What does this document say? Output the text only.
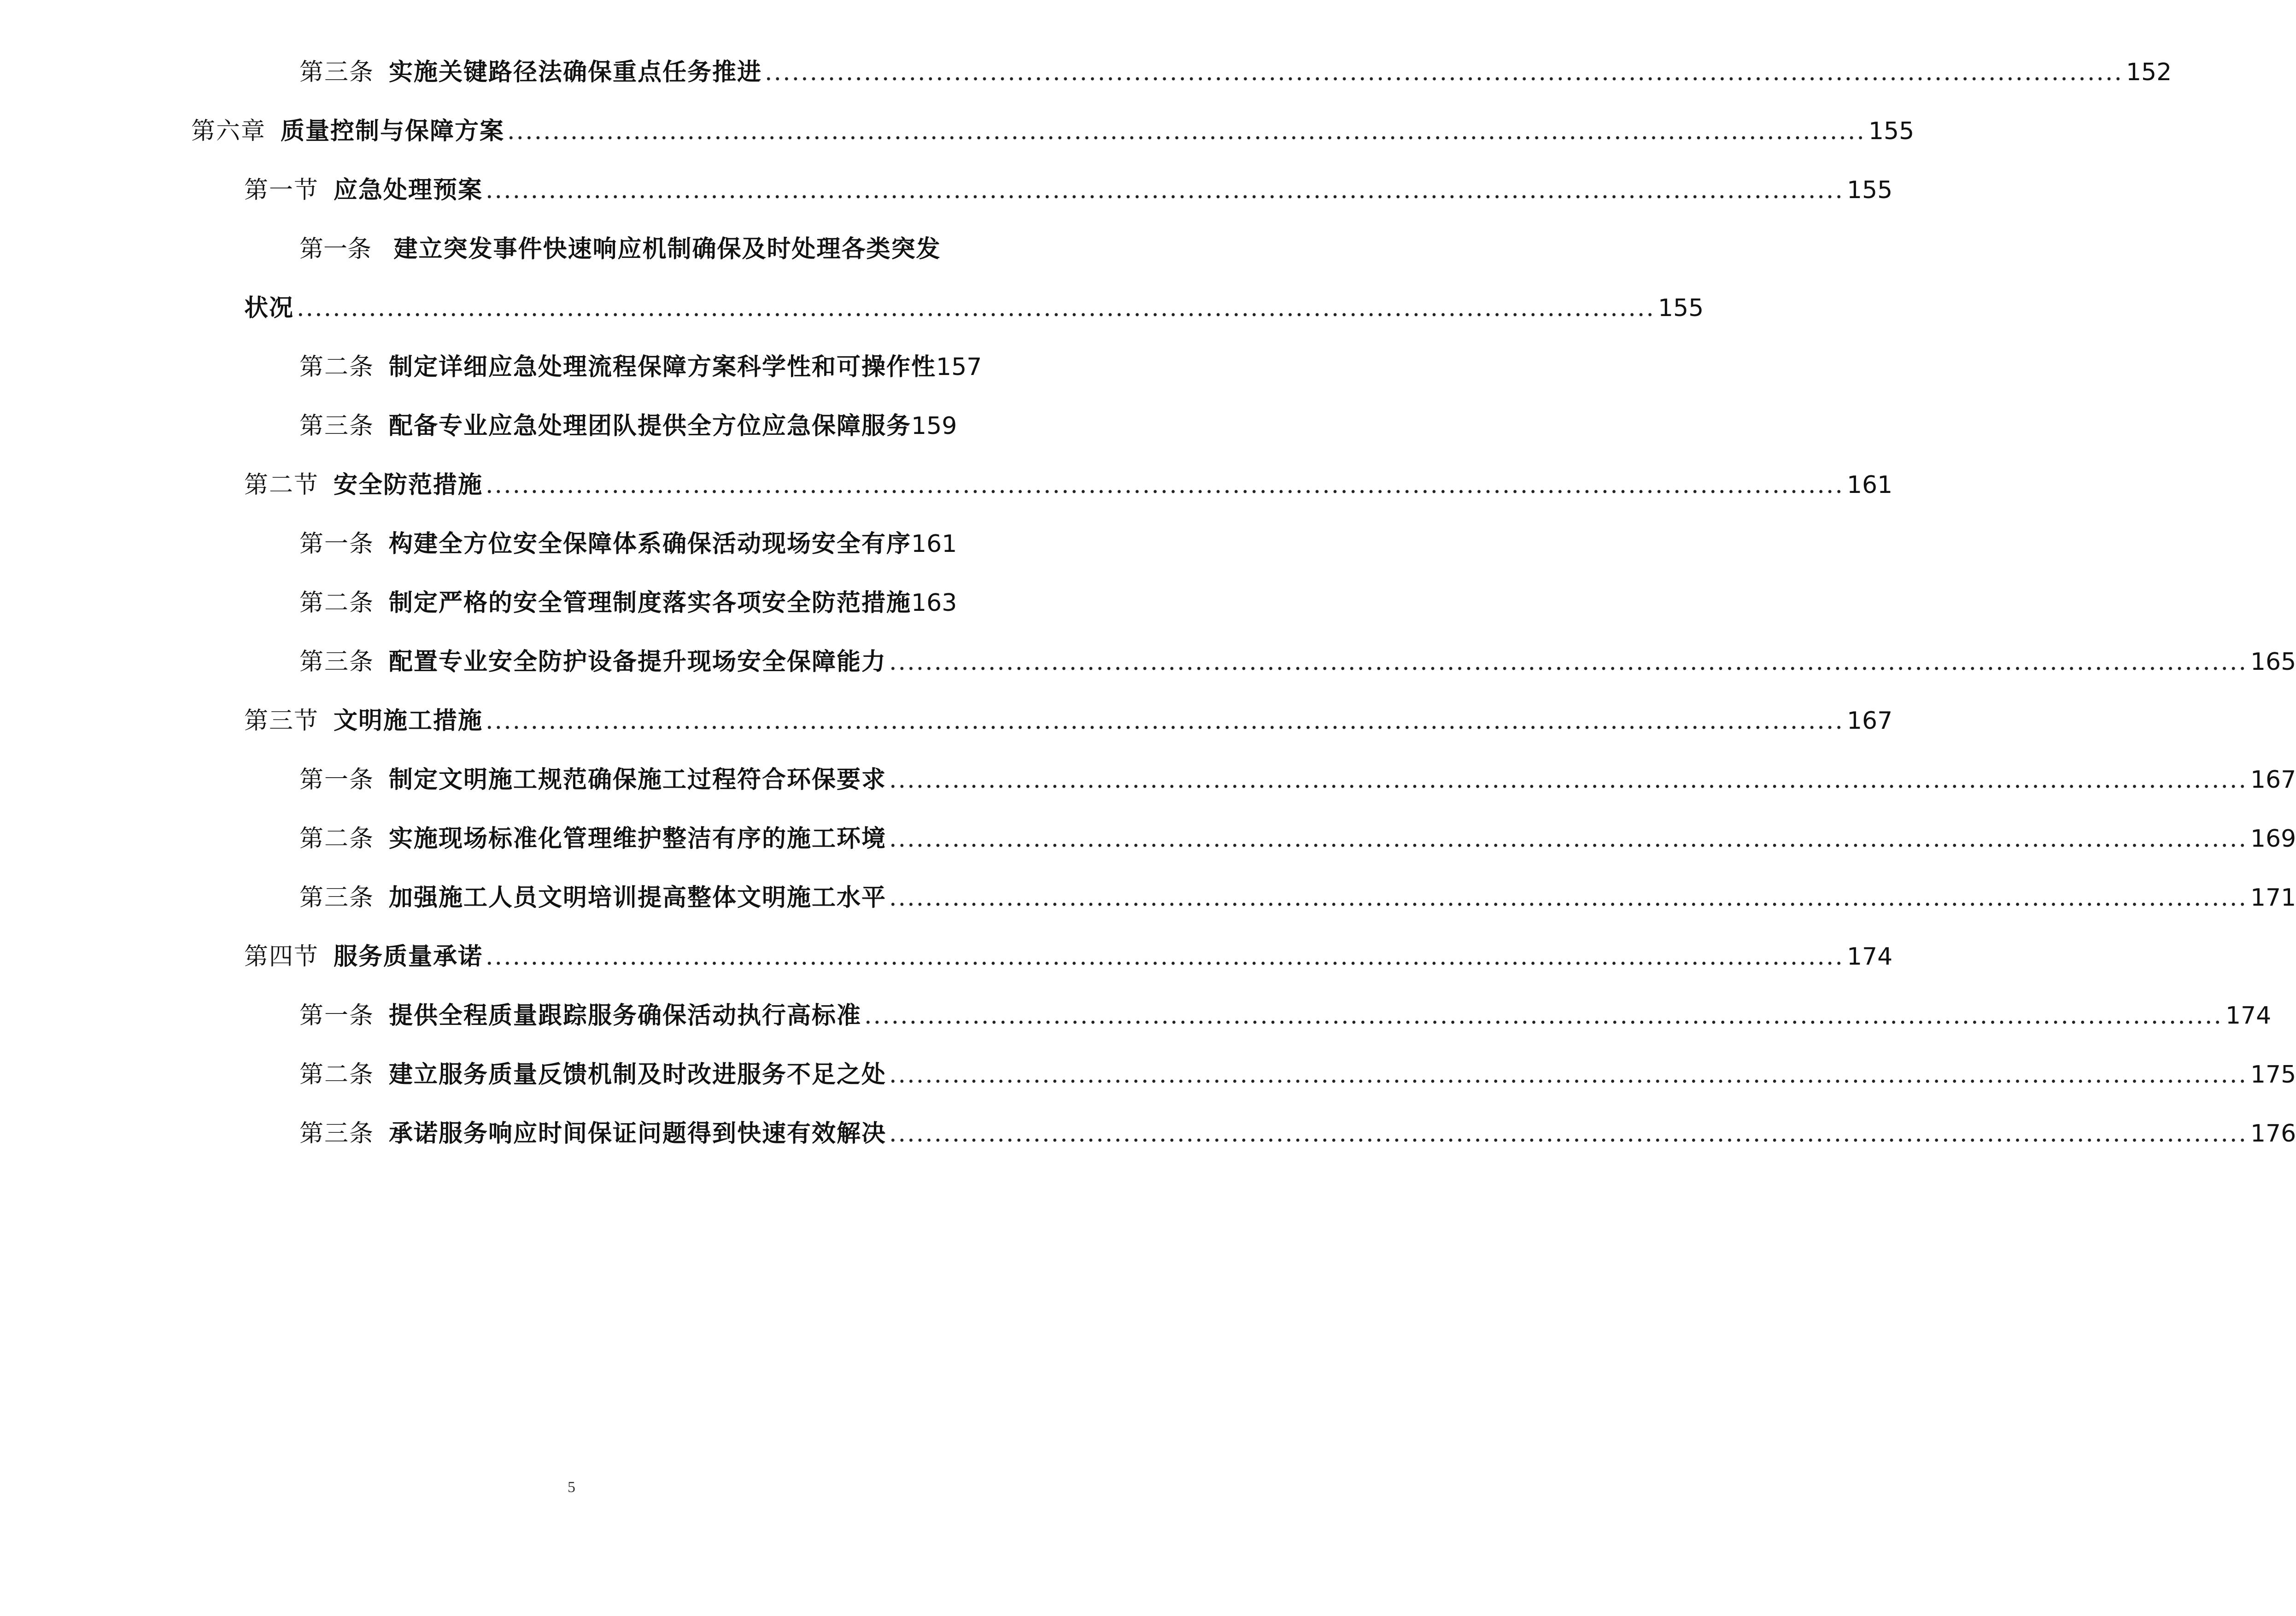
第三条 实施关键路径法确保重点任务推进 ....................................................................................................................................................... 152
第六章 质量控制与保障方案 ....................................................................................................................................................... 155
第一节 应急处理预案 ....................................................................................................................................................... 155
第一条 建立突发事件快速响应机制确保及时处理各类突发
状况 ....................................................................................................................................................... 155
第二条 制定详细应急处理流程保障方案科学性和可操作性 157
第三条 配备专业应急处理团队提供全方位应急保障服务 159
第二节 安全防范措施 ....................................................................................................................................................... 161
第一条 构建全方位安全保障体系确保活动现场安全有序 161
第二条 制定严格的安全管理制度落实各项安全防范措施 163
第三条 配置专业安全防护设备提升现场安全保障能力 ....................................................................................................................................................... 165
第三节 文明施工措施 ....................................................................................................................................................... 167
第一条 制定文明施工规范确保施工过程符合环保要求 ....................................................................................................................................................... 167
第二条 实施现场标准化管理维护整洁有序的施工环境 ....................................................................................................................................................... 169
第三条 加强施工人员文明培训提高整体文明施工水平 ....................................................................................................................................................... 171
第四节 服务质量承诺 ....................................................................................................................................................... 174
第一条 提供全程质量跟踪服务确保活动执行高标准 ....................................................................................................................................................... 174
第二条 建立服务质量反馈机制及时改进服务不足之处 ....................................................................................................................................................... 175
第三条 承诺服务响应时间保证问题得到快速有效解决 ....................................................................................................................................................... 176
5
